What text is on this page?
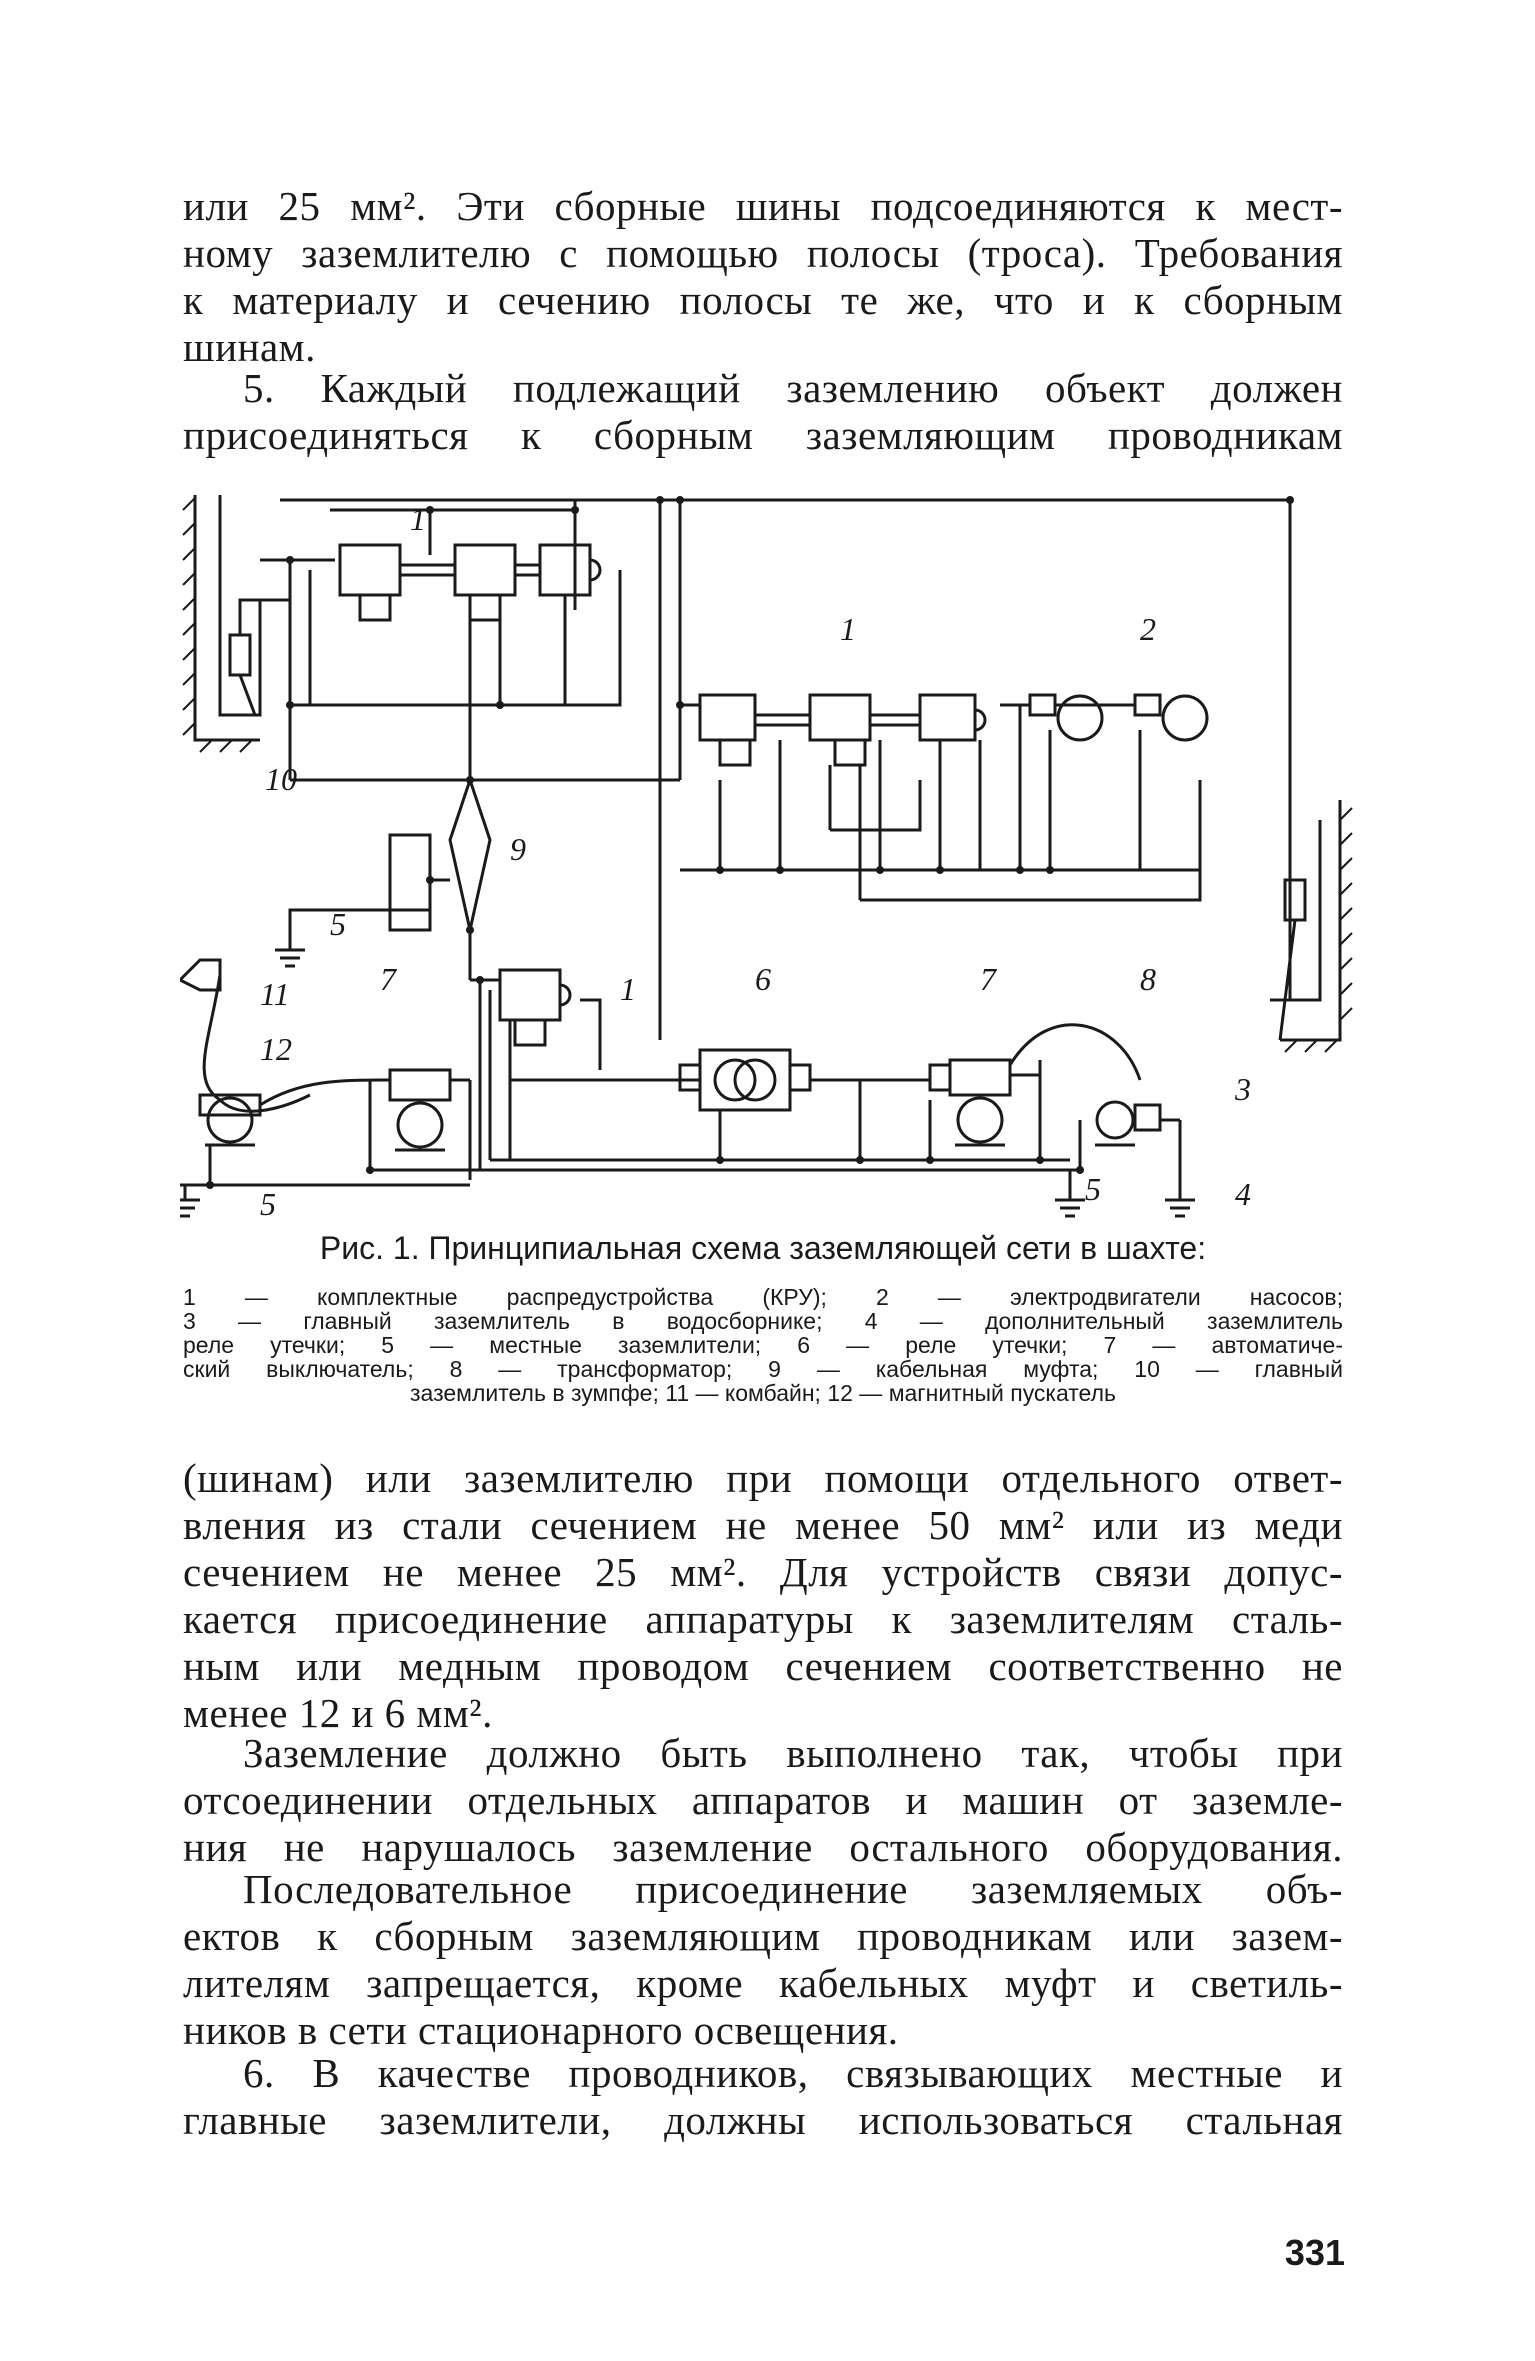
или 25 мм². Эти сборные шины подсоединяются к мест-
ному заземлителю с помощью полосы (троса). Требования
к материалу и сечению полосы те же, что и к сборным
шинам.
5. Каждый подлежащий заземлению объект должен
присоединяться к сборным заземляющим проводникам
1
1
1
2
3
4
5
5
5
6
7	7	8
9
10
11
12
Рис. 1. Принципиальная схема заземляющей сети в шахте:
1 — комплектные распредустройства (КРУ); 2 — электродвигатели насосов;
3 — главный заземлитель в водосборнике; 4 — дополнительный заземлитель
реле утечки; 5 — местные заземлители; 6 — реле утечки; 7 — автоматиче-
ский выключатель; 8 — трансформатор; 9 — кабельная муфта; 10 — главный
заземлитель в зумпфе; 11 — комбайн; 12 — магнитный пускатель
(шинам) или заземлителю при помощи отдельного ответ-
вления из стали сечением не менее 50 мм² или из меди
сечением не менее 25 мм². Для устройств связи допус-
кается присоединение аппаратуры к заземлителям сталь-
ным или медным проводом сечением соответственно не
менее 12 и 6 мм².
Заземление должно быть выполнено так, чтобы при
отсоединении отдельных аппаратов и машин от заземле-
ния не нарушалось заземление остального оборудования.
Последовательное присоединение заземляемых объ-
ектов к сборным заземляющим проводникам или зазем-
лителям запрещается, кроме кабельных муфт и светиль-
ников в сети стационарного освещения.
6. В качестве проводников, связывающих местные и
главные заземлители, должны использоваться стальная
331
